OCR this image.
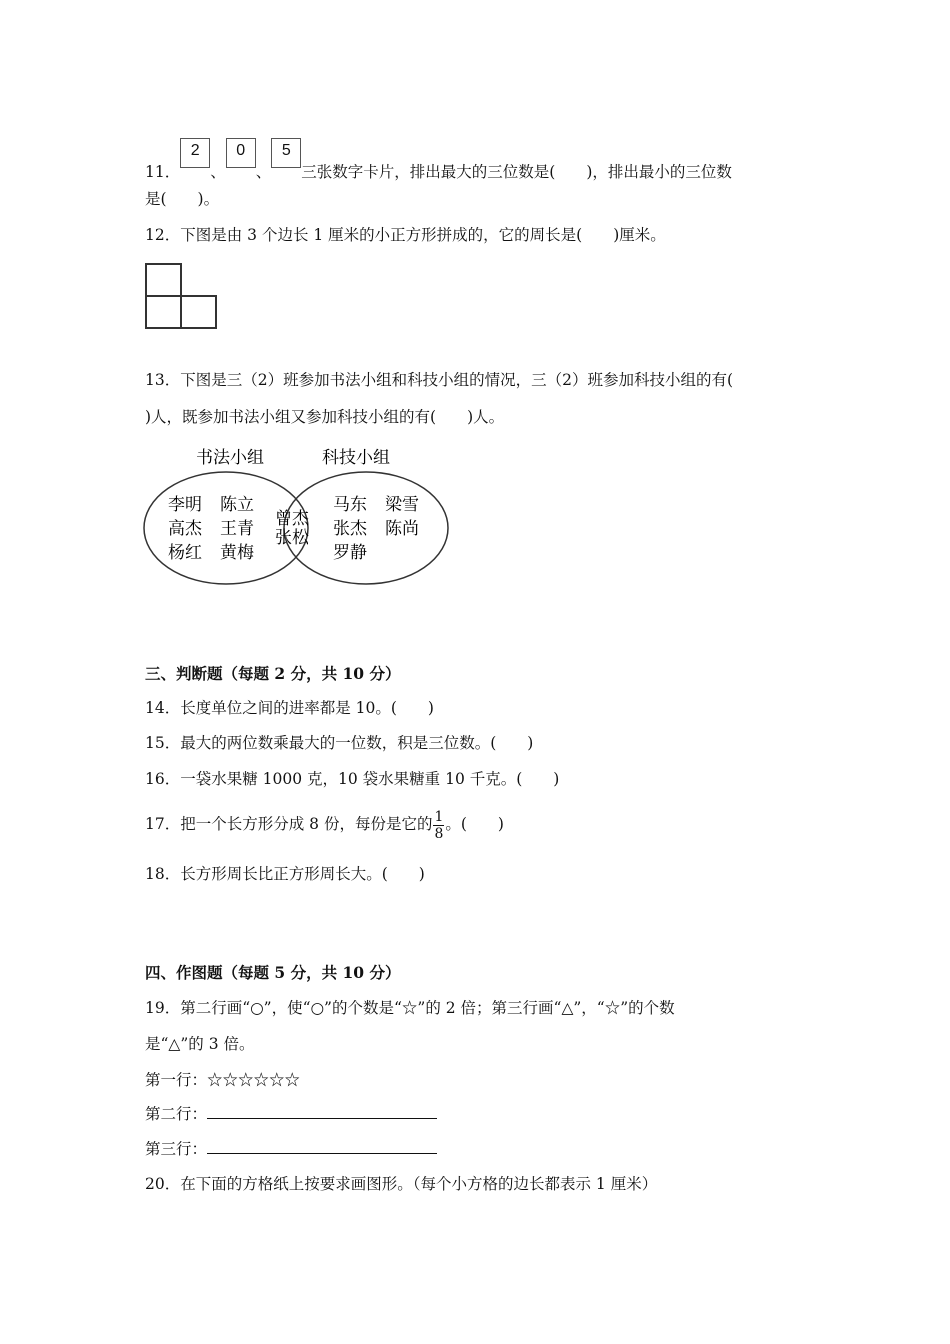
11．2、0、5三张数字卡片，排出最大的三位数是(　　)，排出最小的三位数
是(　　)。
12．下图是由 3 个边长 1 厘米的小正方形拼成的，它的周长是(　　)厘米。
13．下图是三（2）班参加书法小组和科技小组的情况，三（2）班参加科技小组的有(
)人，既参加书法小组又参加科技小组的有(　　)人。
书法小组	科技小组
李明 陈立
高杰 王青
杨红 黄梅
曾杰
张松
马东 梁雪
张杰 陈尚
罗静
三、判断题（每题 2 分，共 10 分）
14．长度单位之间的进率都是 10。(　　)
15．最大的两位数乘最大的一位数，积是三位数。(　　)
16．一袋水果糖 1000 克，10 袋水果糖重 10 千克。(　　)
17．把一个长方形分成 8 份，每份是它的 $\frac{1}{8}$ 。(　　)
18．长方形周长比正方形周长大。(　　)
四、作图题（每题 5 分，共 10 分）
19．第二行画“○”，使“○”的个数是“☆”的 2 倍；第三行画“△”，“☆”的个数
是“△”的 3 倍。
第一行：☆☆☆☆☆☆
第二行：
第三行：
20．在下面的方格纸上按要求画图形。（每个小方格的边长都表示 1 厘米）
